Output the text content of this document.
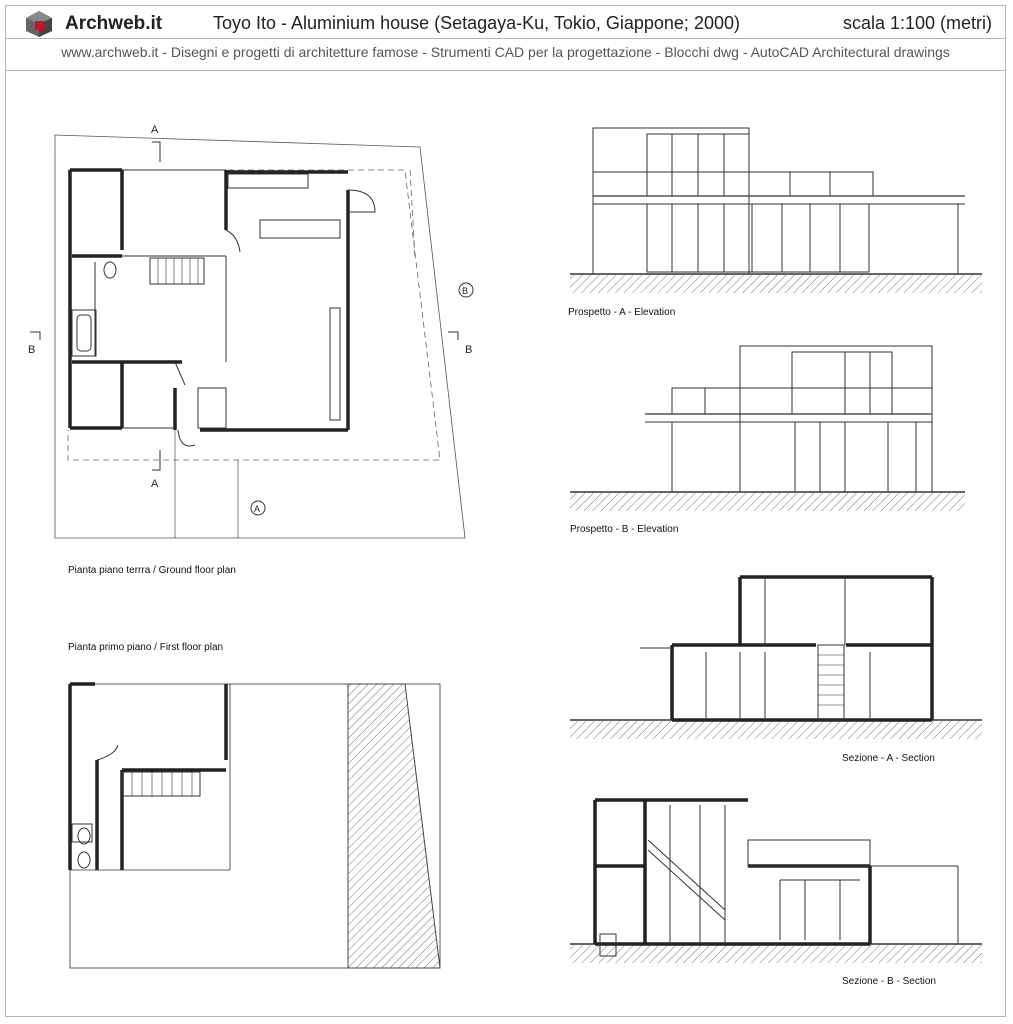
Archweb.it	Toyo Ito - Aluminium house (Setagaya-Ku, Tokio, Giappone; 2000)	scala 1:100 (metri)
www.archweb.it - Disegni e progetti di architetture famose - Strumenti CAD per la progettazione - Blocchi dwg - AutoCAD Architectural drawings
A
A
B	B
B
A
Pianta piano terrra / Ground floor plan
Pianta primo piano / First floor plan
Prospetto - A - Elevation
Prospetto - B - Elevation
Sezione - A - Section
Sezione - B - Section
